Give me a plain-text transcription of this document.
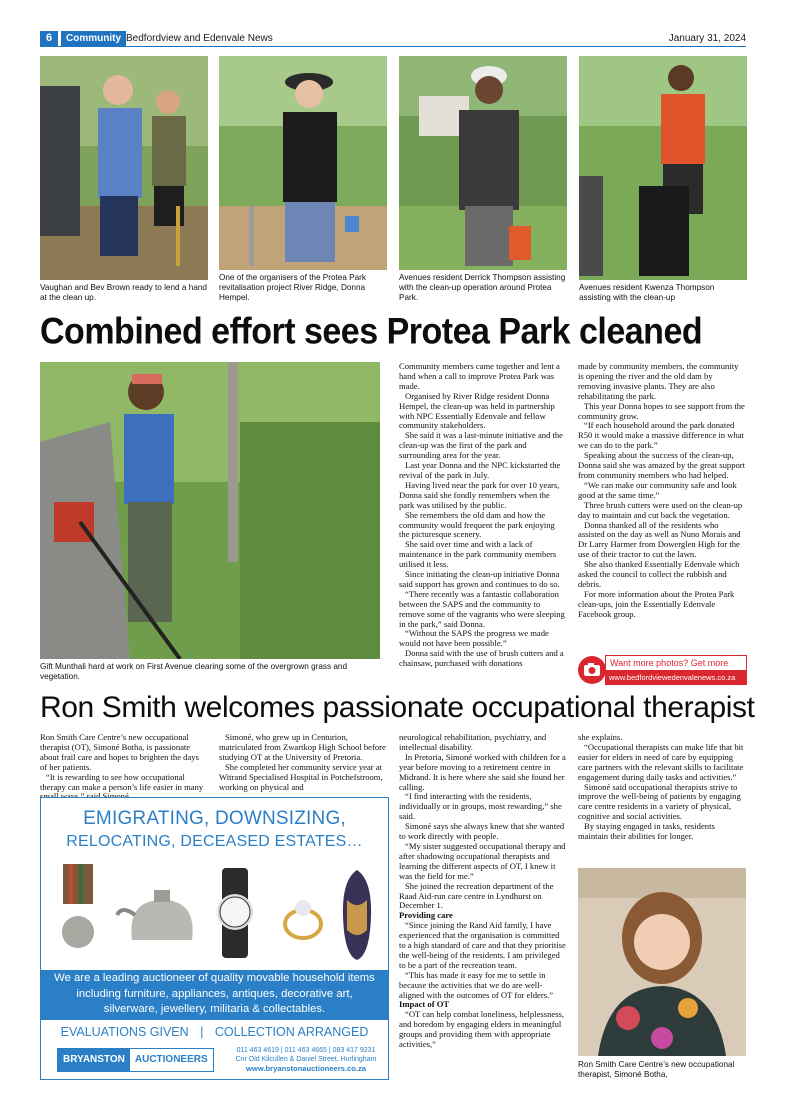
6	Community Bedfordview and Edenvale News	January 31, 2024
Vaughan and Bev Brown ready to lend a hand at the clean up.
One of the organisers of the Protea Park revitalisation project River Ridge, Donna Hempel.
Avenues resident Derrick Thompson assisting with the clean-up operation around Protea Park.
Avenues resident Kwenza Thompson assisting with the clean-up
Combined effort sees Protea Park cleaned
Gift Munthali hard at work on First Avenue clearing some of the overgrown grass and vegetation.

Community members came together and lent a hand when a call to improve Protea Park was made.

Organised by River Ridge resident Donna Hempel, the clean-up was held in partnership with NPC Essentially Edenvale and fellow community stakeholders.

She said it was a last-minute initiative and the clean-up was the first of the park and surrounding area for the year.

Last year Donna and the NPC kickstarted the revival of the park in July.

Having lived near the park for over 10 years, Donna said she fondly remembers when the park was utilised by the public.

She remembers the old dam and how the community would frequent the park enjoying the picturesque scenery.

She said over time and with a lack of maintenance in the park community members utilised it less.

Since initiating the clean-up initiative Donna said support has grown and continues to do so.

“There recently was a fantastic collaboration between the SAPS and the community to remove some of the vagrants who were sleeping in the park,” said Donna.

“Without the SAPS the progress we made would not have been possible.”

Donna said with the use of brush cutters and a chainsaw, purchased with donations

made by community members, the community is opening the river and the old dam by removing invasive plants. They are also rehabilitating the park.

This year Donna hopes to see support from the community grow.

“If each household around the park donated R50 it would make a massive difference in what we can do to the park.”

Speaking about the success of the clean-up, Donna said she was amazed by the great support from community members who had helped.

“We can make our community safe and look good at the same time.”

Three brush cutters were used on the clean-up day to maintain and cut back the vegetation.

Donna thanked all of the residents who assisted on the day as well as Nuno Morais and Dr Larry Harmer from Dowerglen High for the use of their tractor to cut the lawn.

She also thanked Essentially Edenvale which asked the council to collect the rubbish and debris.

For more information about the Protea Park clean-ups, join the Essentially Edenvale Facebook group.

Want more photos? Get more
www.bedfordviewedenvalenews.co.za
Ron Smith welcomes passionate occupational therapist

Ron Smith Care Centre’s new occupational therapist (OT), Simoné Botha, is passionate about frail care and hopes to brighten the days of her patients.

“It is rewarding to see how occupational therapy can make a person’s life easier in many

Simoné, who grew up in Centurion, matriculated from Zwartkop High School before studying OT at the University of Pretoria.

She completed her community service year at Witrand Specialised Hospital in Potchefstroom, working on physical and

EMIGRATING, DOWNSIZING,
RELOCATING, DECEASED ESTATES…
We are a leading auctioneer of quality movable household items
including furniture, appliances, antiques, decorative art,
silverware, jewellery, militaria & collectables.
EVALUATIONS GIVEN | COLLECTION ARRANGED
BRYANSTON	AUCTIONEERS
011 463 4619 | 011 463 4665 | 083 417 9231
Cnr Old Kilcullen & Daniel Street, Hurlingham
www.bryanstonauctioneers.co.za

neurological rehabilitation, psychiatry, and intellectual disability.

In Pretoria, Simoné worked with children for a year before moving to a retirement centre in Midrand. It is here where she said she found her calling.

“I find interacting with the residents, individually or in groups, most rewarding,” she said.

Simoné says she always knew that she wanted to work directly with people.

“My sister suggested occupational therapy and after shadowing occupational therapists and learning the different aspects of OT, I knew it was the field for me.”

She joined the recreation department of the Raad Aid-run care centre in Lyndhurst on December 1.

Providing care

“Since joining the Rand Aid family, I have experienced that the organisation is committed to a high standard of care and that they prioritise the well-being of the residents. I am privileged to be a part of the recreation team.

“This has made it easy for me to settle in because the activities that we do are well-aligned with the outcomes of OT for elders.”

Impact of OT

“OT can help combat loneliness, helplessness, and boredom by engaging elders in meaningful groups and providing them with appropriate activities,”

she explains.

“Occupational therapists can make life that bit easier for elders in need of care by equipping care partners with the relevant skills to facilitate engagement during daily tasks and activities.”

Simoné said occupational therapists strive to improve the well-being of patients by engaging care centre residents in a variety of physical, cognitive and social activities.

By staying engaged in tasks, residents maintain their abilities for longer.

Ron Smith Care Centre’s new occupational therapist, Simoné Botha,
